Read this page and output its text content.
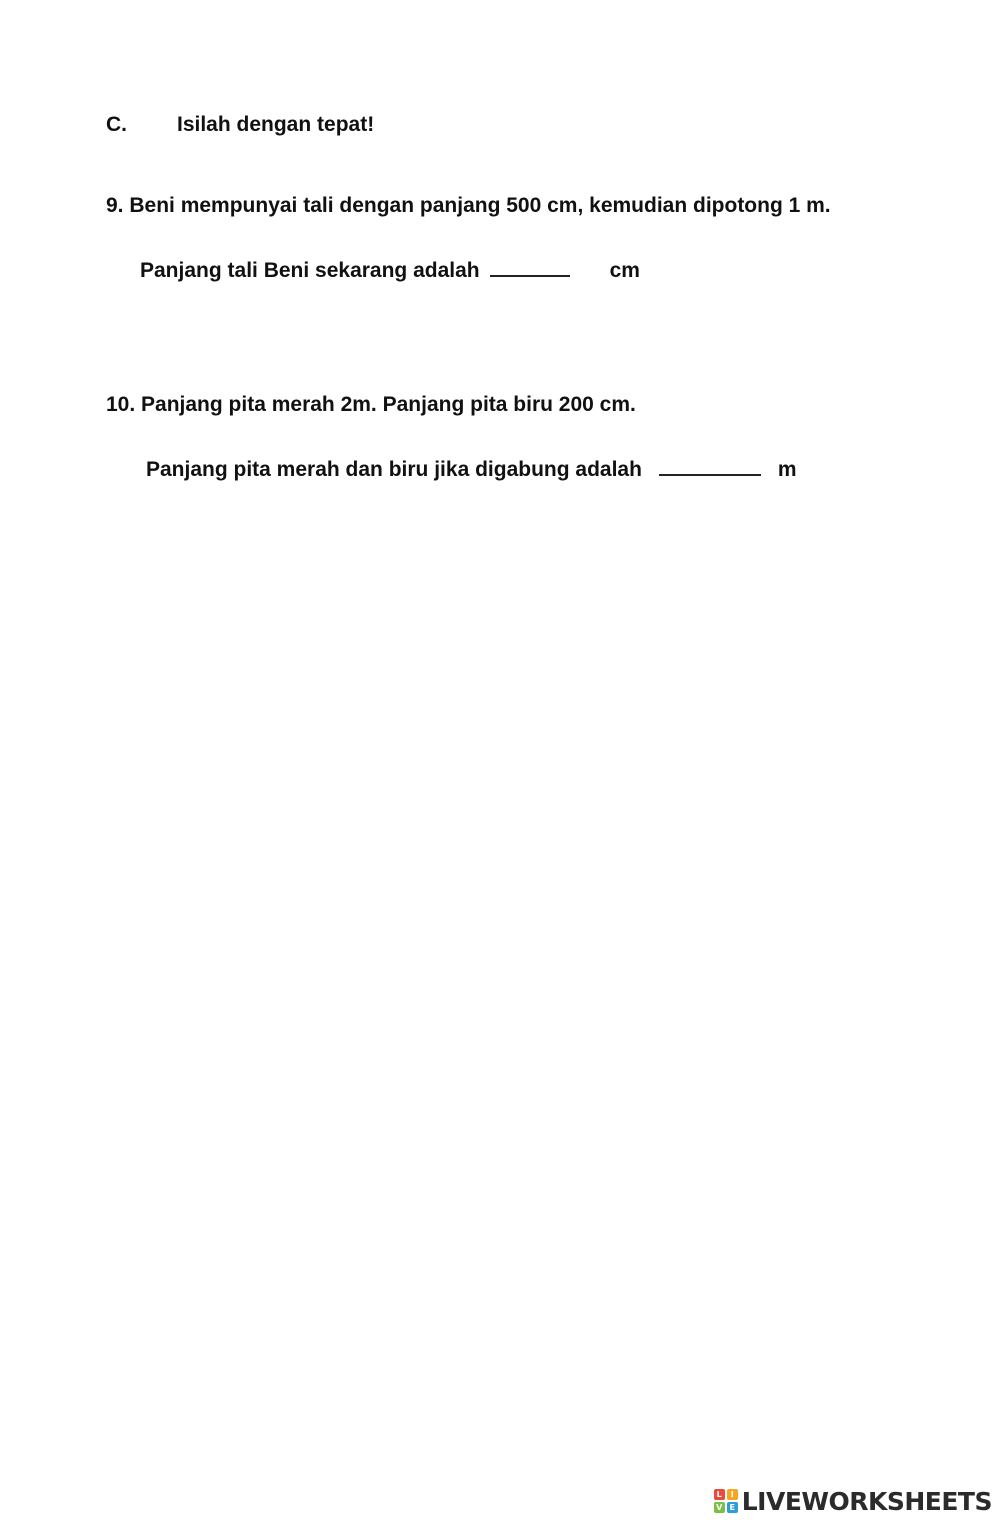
C. Isilah dengan tepat!
9. Beni mempunyai tali dengan panjang 500 cm, kemudian dipotong 1 m.
Panjang tali Beni sekarang adalah	cm
10. Panjang pita merah 2m. Panjang pita biru 200 cm.
Panjang pita merah dan biru jika digabung adalah	m
L	I
V E LIVEWORKSHEETS
